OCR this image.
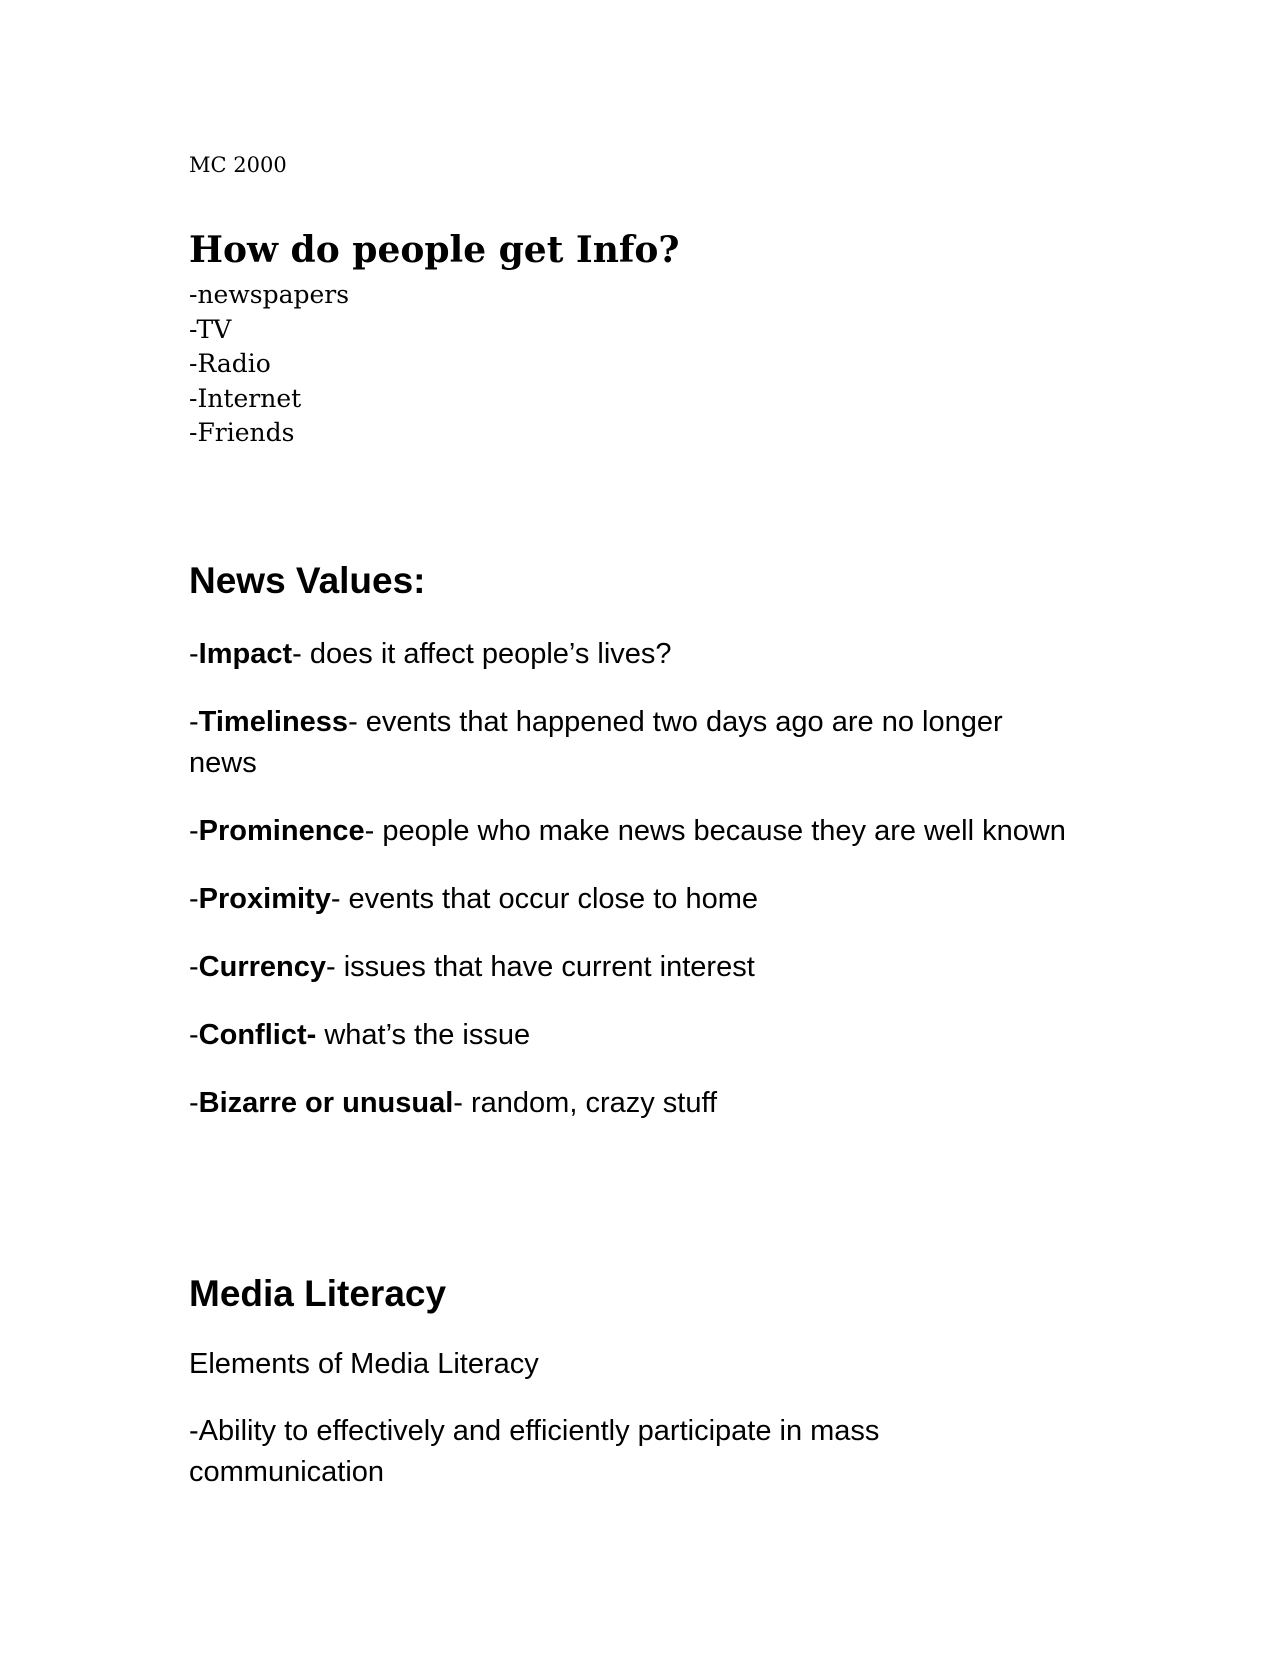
MC 2000
How do people get Info?
-newspapers
-TV
-Radio
-Internet
-Friends
News Values:

-Impact- does it affect people’s lives?

-Timeliness- events that happened two days ago are no longer news

-Prominence- people who make news because they are well known

-Proximity- events that occur close to home

-Currency- issues that have current interest

-Conflict- what’s the issue

-Bizarre or unusual- random, crazy stuff

Media Literacy
Elements of Media Literacy
-Ability to effectively and efficiently participate in mass communication
